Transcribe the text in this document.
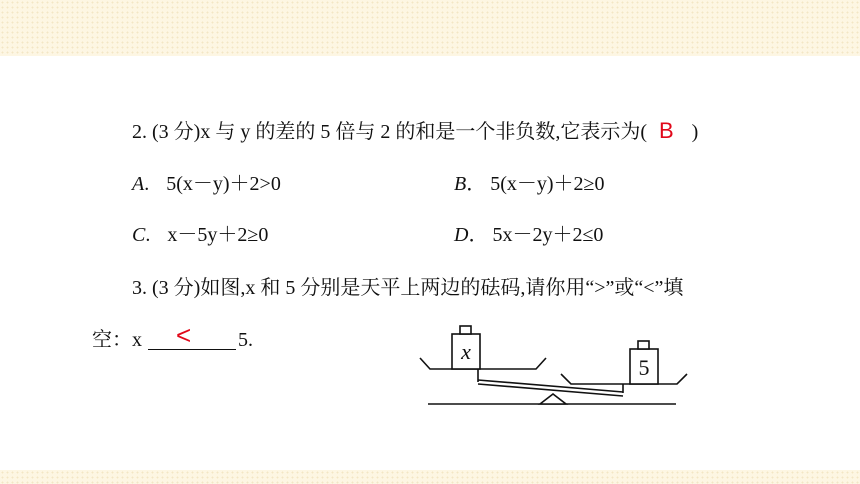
2. (3 分)x 与 y 的差的 5 倍与 2 的和是一个非负数,它表示为( B )
A. 5(x－y)＋2>0	B． 5(x－y)＋2≥0
C. x－5y＋2≥0	D． 5x－2y＋2≤0
3. (3 分)如图,x 和 5 分别是天平上两边的砝码,请你用“>”或“<”填
空：x < 5.	x
5
